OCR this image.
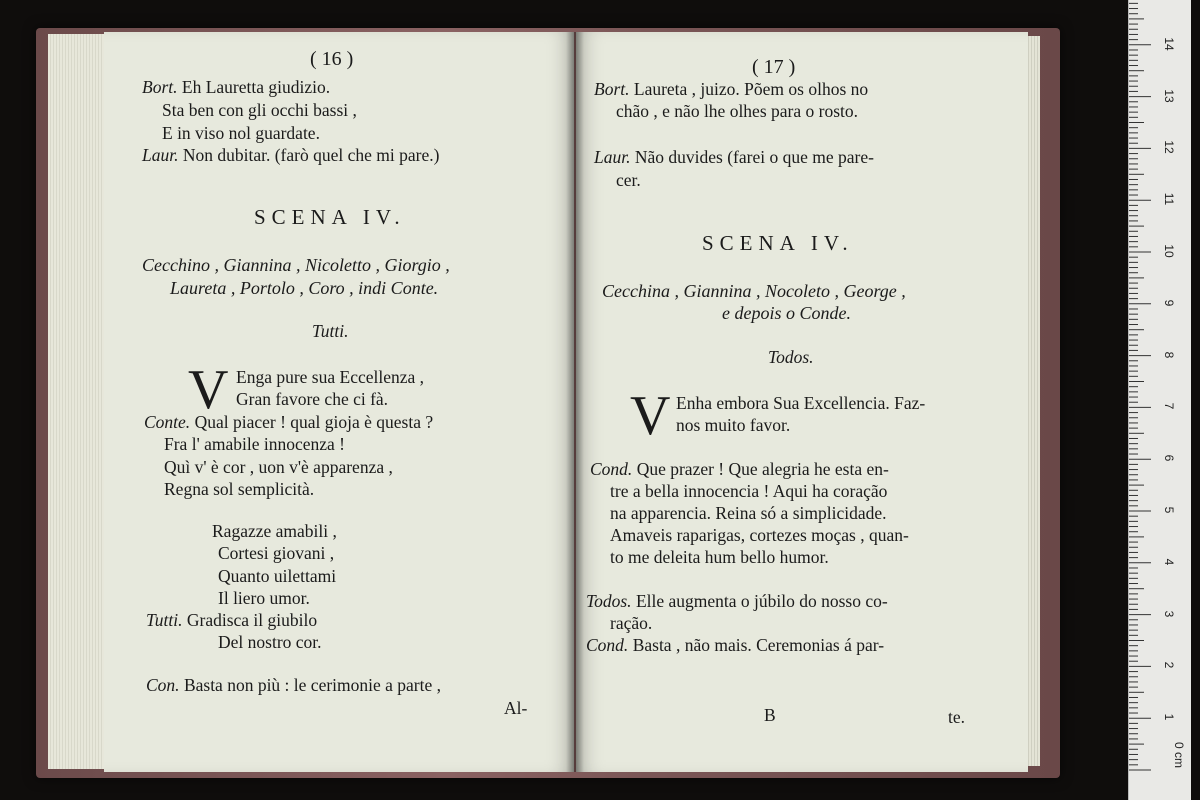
( 16 )
Bort. Eh Lauretta giudizio.
Sta ben con gli occhi bassi ,
E in viso nol guardate.
Laur. Non dubitar. (farò quel che mi pare.)
SCENA IV.
Cecchino , Giannina , Nicoletto , Giorgio ,
Laureta , Portolo , Coro , indi Conte.
Tutti.
V Enga pure sua Eccellenza ,
Gran favore che ci fà.
Conte. Qual piacer ! qual gioja è questa ?
Fra l' amabile innocenza !
Quì v' è cor , uon v'è apparenza ,
Regna sol semplicità.
Ragazze amabili ,
Cortesi giovani ,
Quanto uilettami
Il liero umor.
Tutti. Gradisca il giubilo
Del nostro cor.
Con. Basta non più : le cerimonie a parte ,
Al-
( 17 )
Bort. Laureta , juizo. Põem os olhos no
chão , e não lhe olhes para o rosto.
Laur. Não duvides (farei o que me pare-
cer.
SCENA IV.
Cecchina , Giannina , Nocoleto , George ,
e depois o Conde.
Todos.
V Enha embora Sua Excellencia. Faz-
nos muito favor.
Cond. Que prazer ! Que alegria he esta en-
tre a bella innocencia ! Aqui ha coração
na apparencia. Reina só a simplicidade.
Amaveis raparigas, cortezes moças , quan-
to me deleita hum bello humor.
Todos. Elle augmenta o júbilo do nosso co-
ração.
Cond. Basta , não mais. Ceremonias á par-
B	te.
0 cm
1
2
3
4
5
6
7
8
9
10
11
12
13
14
